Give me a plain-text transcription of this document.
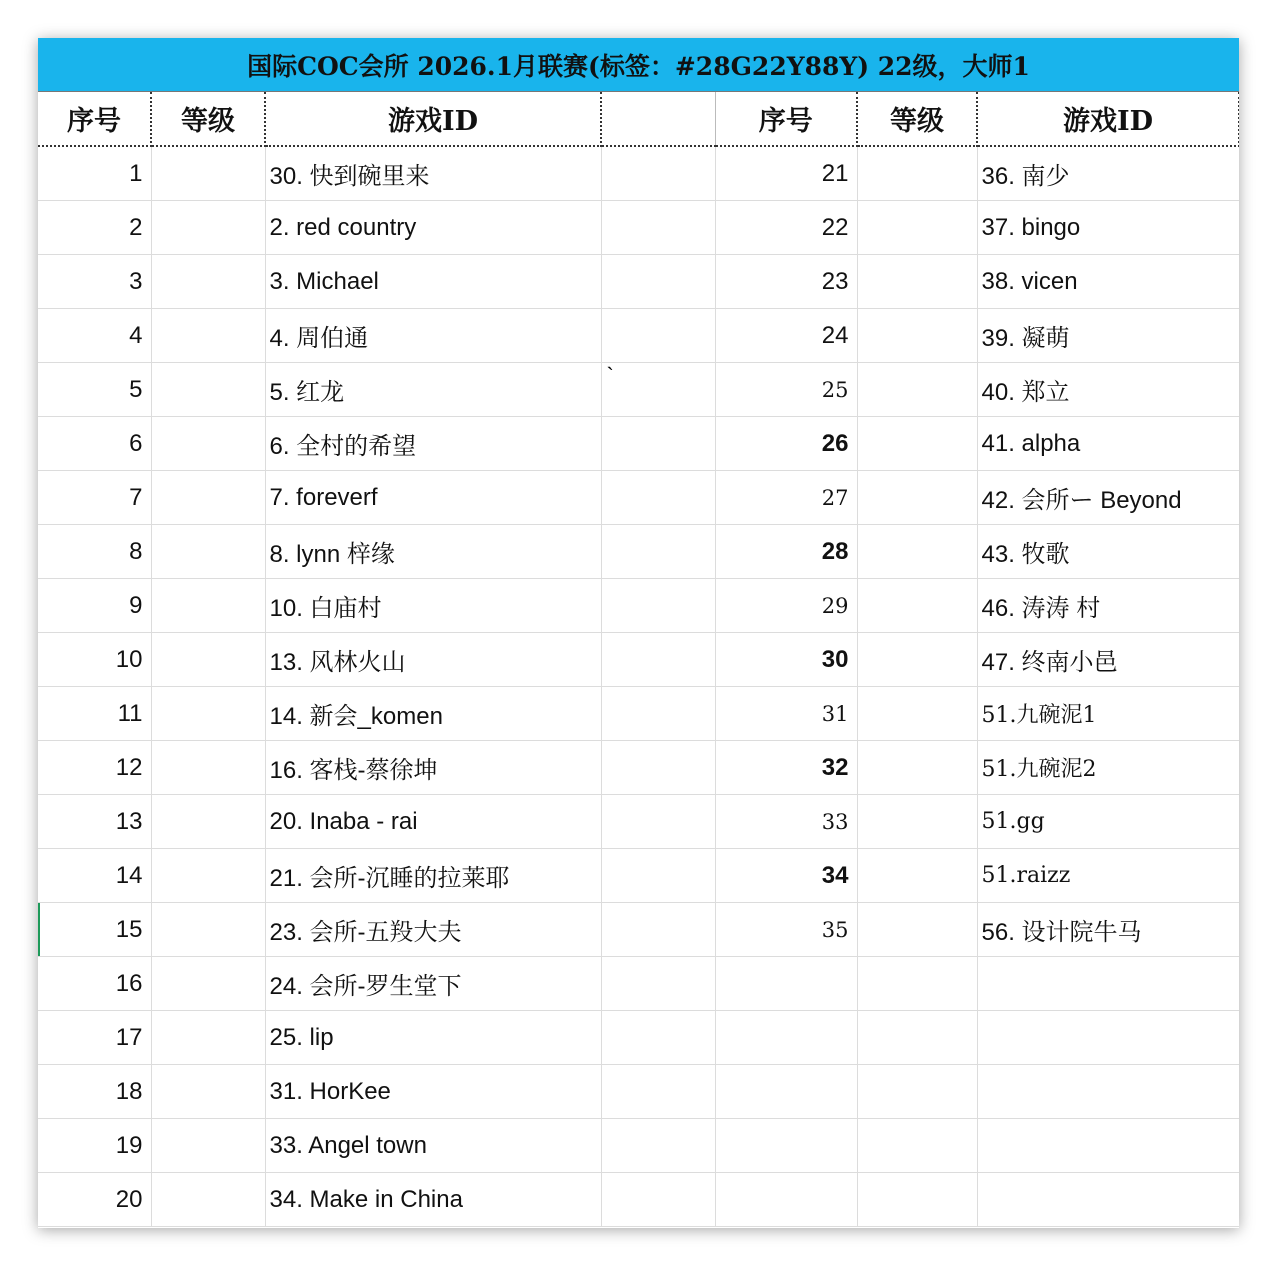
国际COC会所 2026.1月联赛(标签：#28G22Y88Y) 22级，大师1
序号	等级	游戏ID		序号	等级	游戏ID
1		30. 快到碗里来		21		36. 南少
2		2. red country		22		37. bingo
3		3. Michael		23		38. vicen
4		4. 周伯通		24		39. 凝萌
5		5. 红龙	`	25		40. 郑立
6		6. 全村的希望		26		41. alpha
7		7. foreverf		27		42. 会所ー Beyond
8		8. lynn 梓缘		28		43. 牧歌
9		10. 白庙村		29		46. 涛涛 村
10		13. 风林火山		30		47. 终南小邑
11		14. 新会_komen		31		51.九碗泥1
12		16. 客栈-蔡徐坤		32		51.九碗泥2
13		20. Inaba - rai		33		51.gg
14		21. 会所-沉睡的拉莱耶		34		51.raizz

15		23. 会所-五羖大夫		35		56. 设计院牛马
16		24. 会所-罗生堂下				
17		25. lip				
18		31. HorKee				
19		33. Angel town				
20		34. Make in China				
